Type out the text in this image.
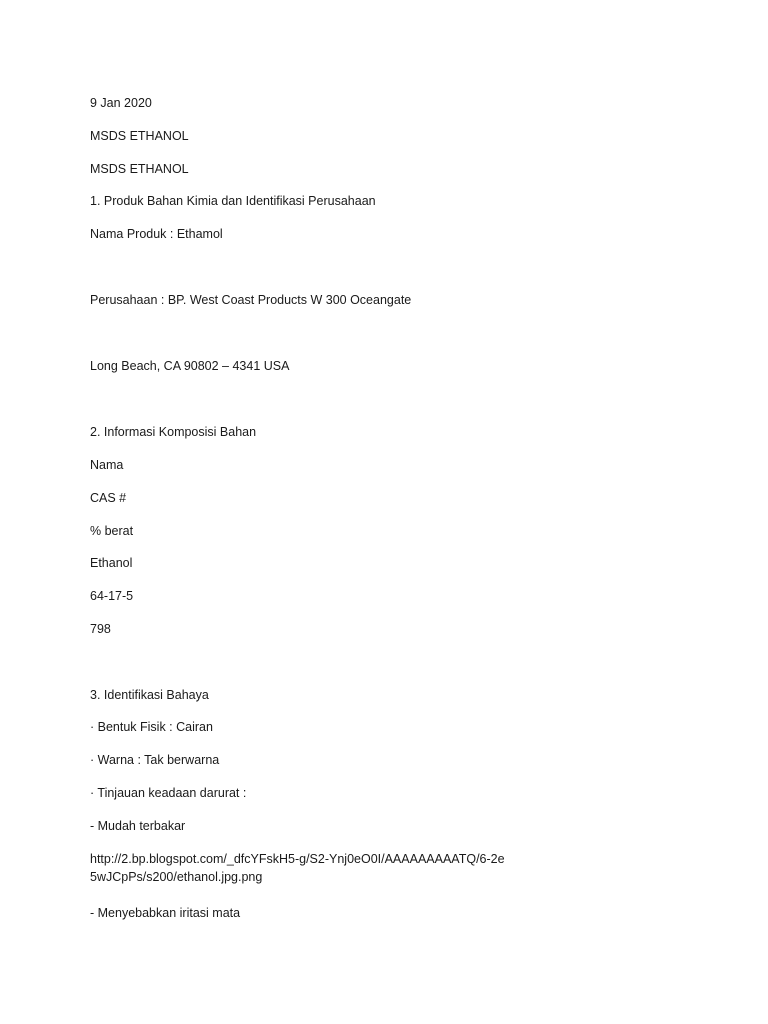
9 Jan 2020
MSDS ETHANOL
MSDS ETHANOL
1. Produk Bahan Kimia dan Identifikasi Perusahaan
Nama Produk : Ethamol
Perusahaan : BP. West Coast Products W 300 Oceangate
Long Beach, CA 90802 – 4341 USA
2. Informasi Komposisi Bahan
Nama
CAS #
% berat
Ethanol
64-17-5
798
3. Identifikasi Bahaya
· Bentuk Fisik : Cairan
· Warna : Tak berwarna
· Tinjauan keadaan darurat :
- Mudah terbakar
http://2.bp.blogspot.com/_dfcYFskH5-g/S2-Ynj0eO0I/AAAAAAAAATQ/6-2e5wJCpPs/s200/ethanol.jpg.png
- Menyebabkan iritasi mata
